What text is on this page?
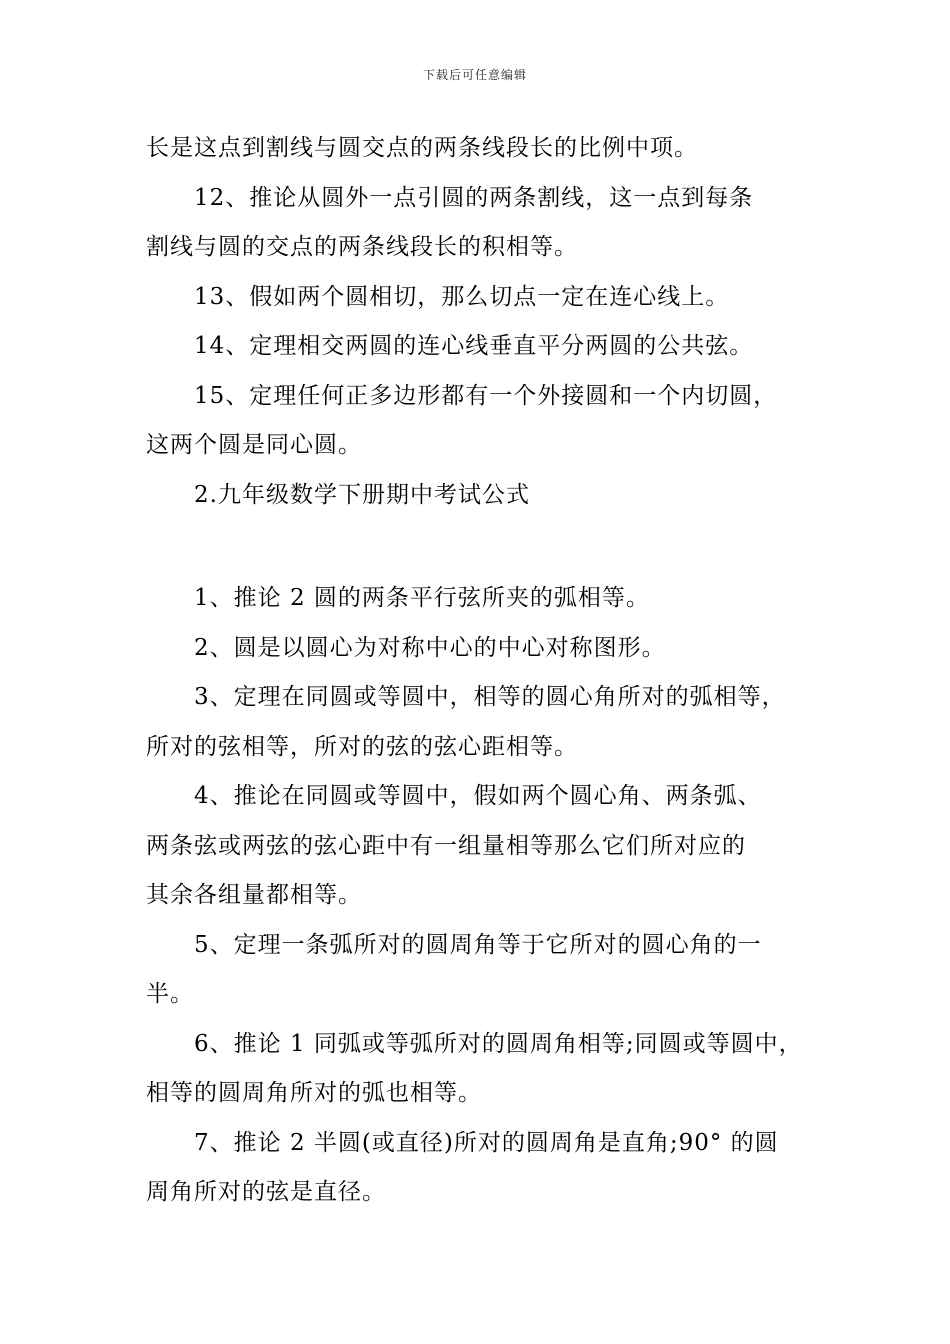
下载后可任意编辑
长是这点到割线与圆交点的两条线段长的比例中项。
12、推论从圆外一点引圆的两条割线，这一点到每条
割线与圆的交点的两条线段长的积相等。
13、假如两个圆相切，那么切点一定在连心线上。
14、定理相交两圆的连心线垂直平分两圆的公共弦。
15、定理任何正多边形都有一个外接圆和一个内切圆，
这两个圆是同心圆。
2.九年级数学下册期中考试公式
1、推论 2 圆的两条平行弦所夹的弧相等。
2、圆是以圆心为对称中心的中心对称图形。
3、定理在同圆或等圆中，相等的圆心角所对的弧相等，
所对的弦相等，所对的弦的弦心距相等。
4、推论在同圆或等圆中，假如两个圆心角、两条弧、
两条弦或两弦的弦心距中有一组量相等那么它们所对应的
其余各组量都相等。
5、定理一条弧所对的圆周角等于它所对的圆心角的一
半。
6、推论 1 同弧或等弧所对的圆周角相等;同圆或等圆中，
相等的圆周角所对的弧也相等。
7、推论 2 半圆(或直径)所对的圆周角是直角;90° 的圆
周角所对的弦是直径。
